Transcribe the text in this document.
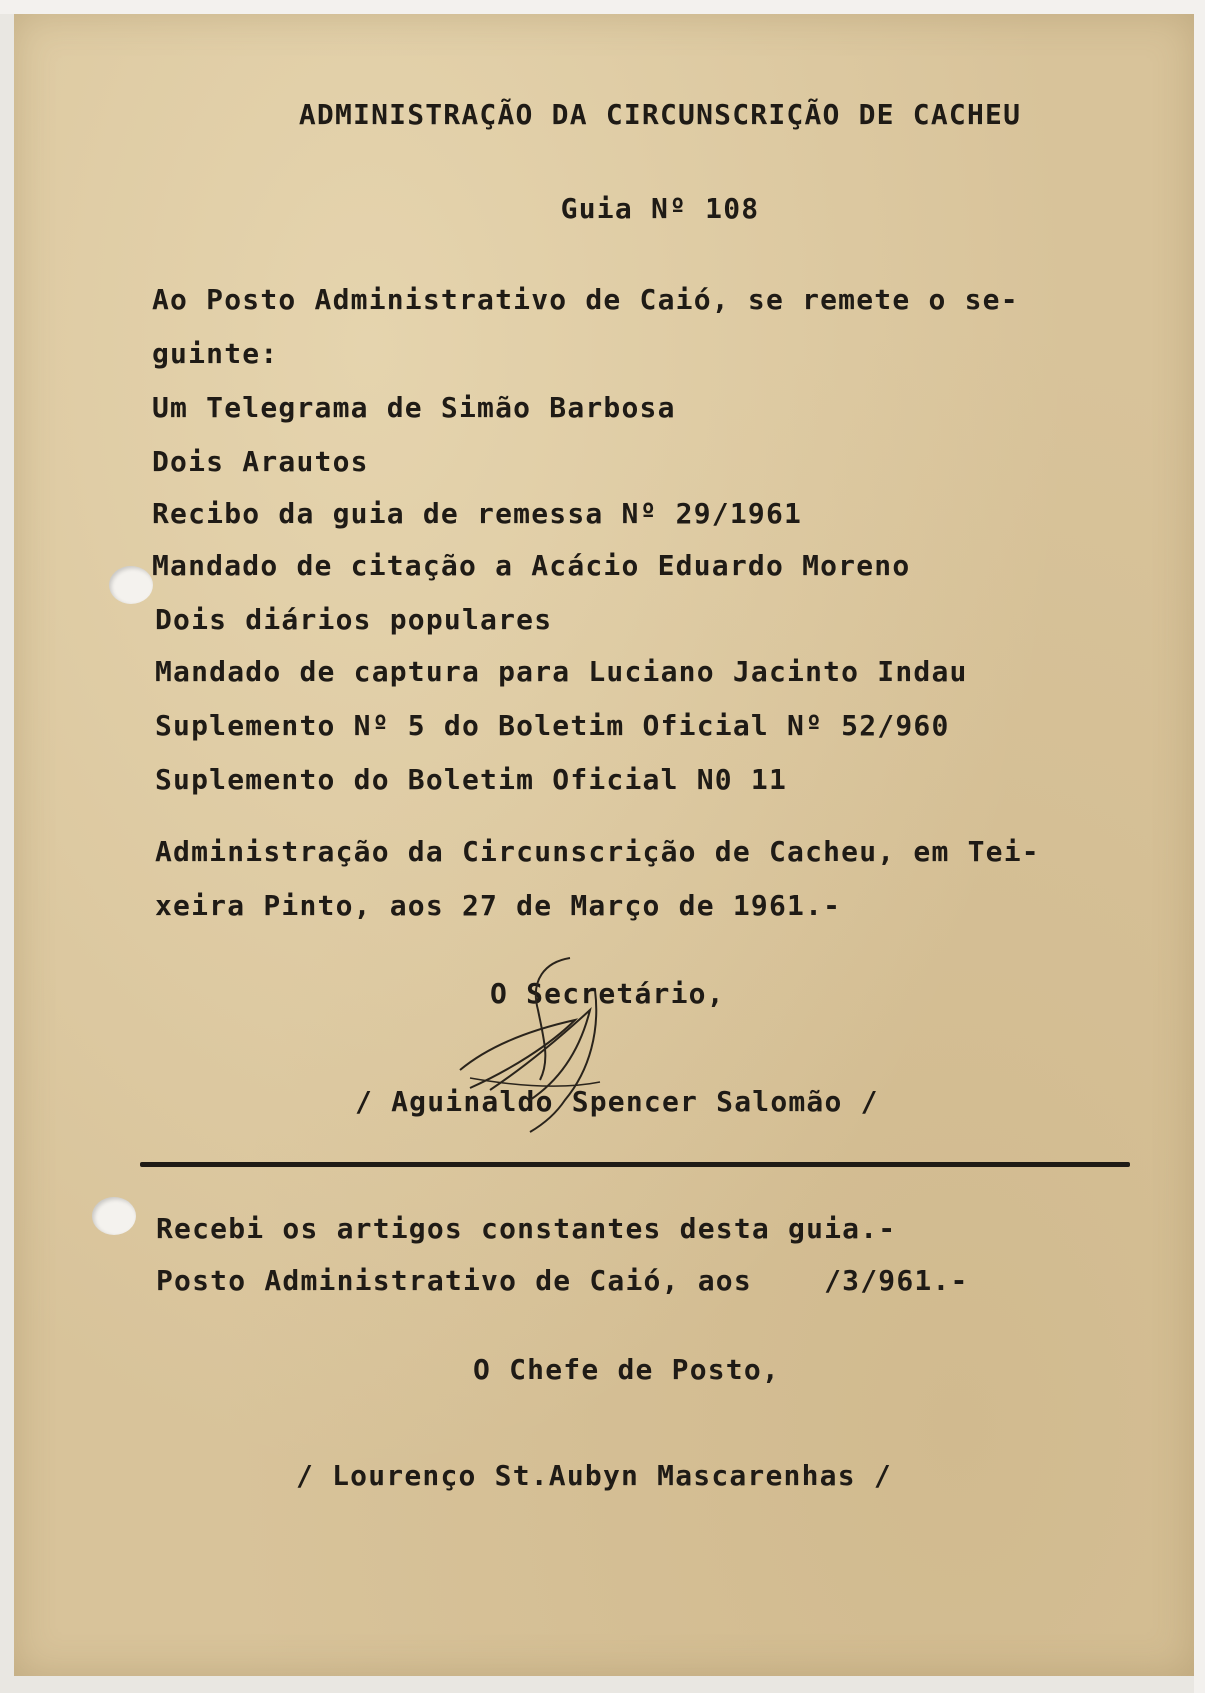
ADMINISTRAÇÃO DA CIRCUNSCRIÇÃO DE CACHEU

Guia Nº 108

Ao Posto Administrativo de Caió, se remete o se-

guinte:

Um Telegrama de Simão Barbosa

Dois Arautos

Recibo da guia de remessa Nº 29/1961

Mandado de citação a Acácio Eduardo Moreno

Dois diários populares

Mandado de captura para Luciano Jacinto Indau

Suplemento Nº 5 do Boletim Oficial Nº 52/960

Suplemento do Boletim Oficial N0 11

Administração da Circunscrição de Cacheu, em Tei-

xeira Pinto, aos 27 de Março de 1961.-

O Secretário,

/ Aguinaldo Spencer Salomão /

Recebi os artigos constantes desta guia.-

Posto Administrativo de Caió, aos    /3/961.-

O Chefe de Posto,

/ Lourenço St.Aubyn Mascarenhas /
